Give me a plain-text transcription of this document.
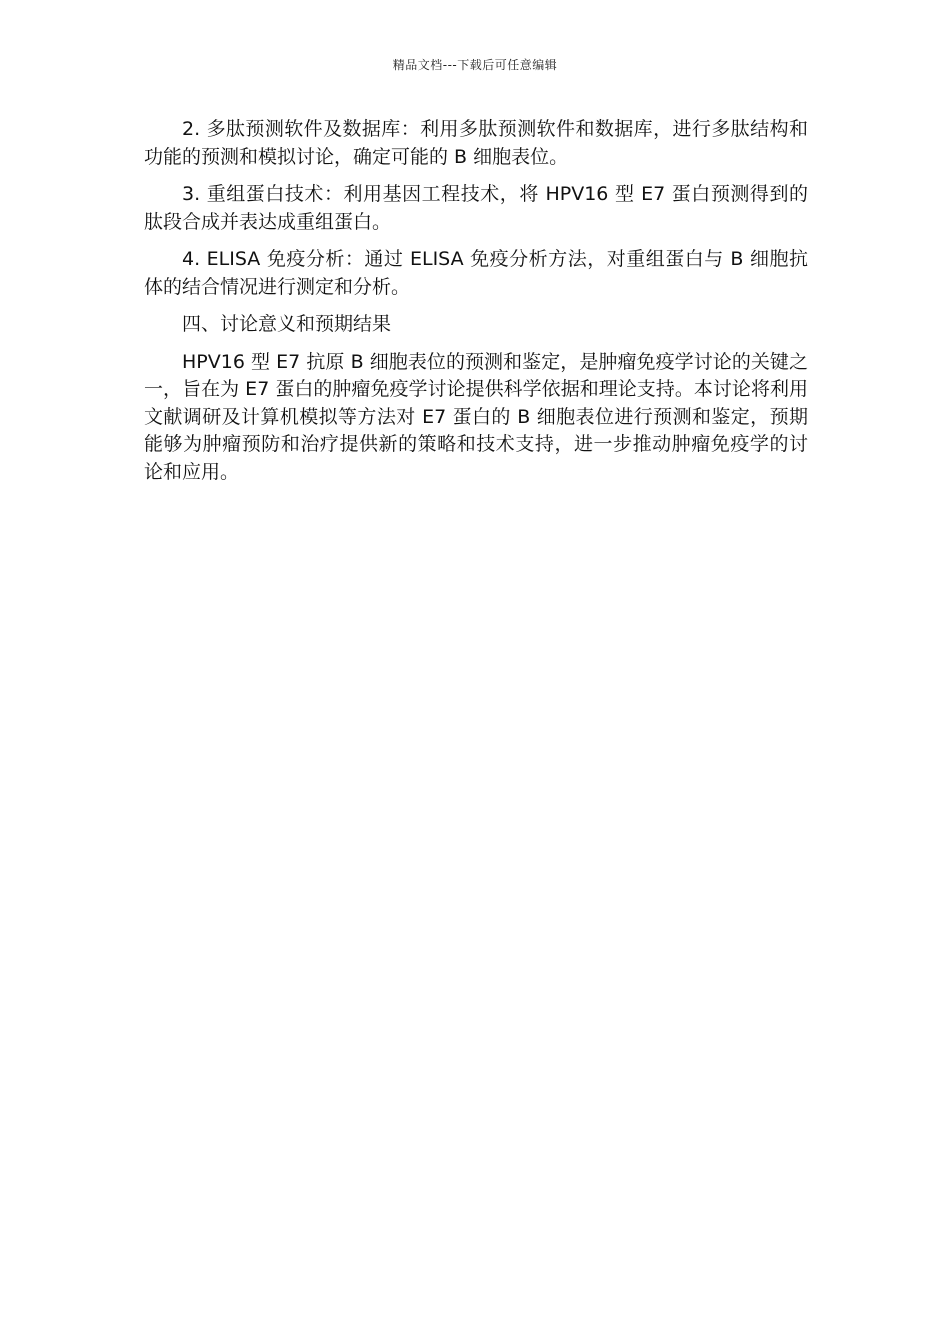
精品文档---下载后可任意编辑

2. 多肽预测软件及数据库：利用多肽预测软件和数据库，进行多肽结构和功能的预测和模拟讨论，确定可能的 B 细胞表位。

3. 重组蛋白技术：利用基因工程技术，将 HPV16 型 E7 蛋白预测得到的肽段合成并表达成重组蛋白。

4. ELISA 免疫分析：通过 ELISA 免疫分析方法，对重组蛋白与 B 细胞抗体的结合情况进行测定和分析。

四、讨论意义和预期结果

HPV16 型 E7 抗原 B 细胞表位的预测和鉴定，是肿瘤免疫学讨论的关键之一，旨在为 E7 蛋白的肿瘤免疫学讨论提供科学依据和理论支持。本讨论将利用文献调研及计算机模拟等方法对 E7 蛋白的 B 细胞表位进行预测和鉴定，预期能够为肿瘤预防和治疗提供新的策略和技术支持，进一步推动肿瘤免疫学的讨论和应用。
